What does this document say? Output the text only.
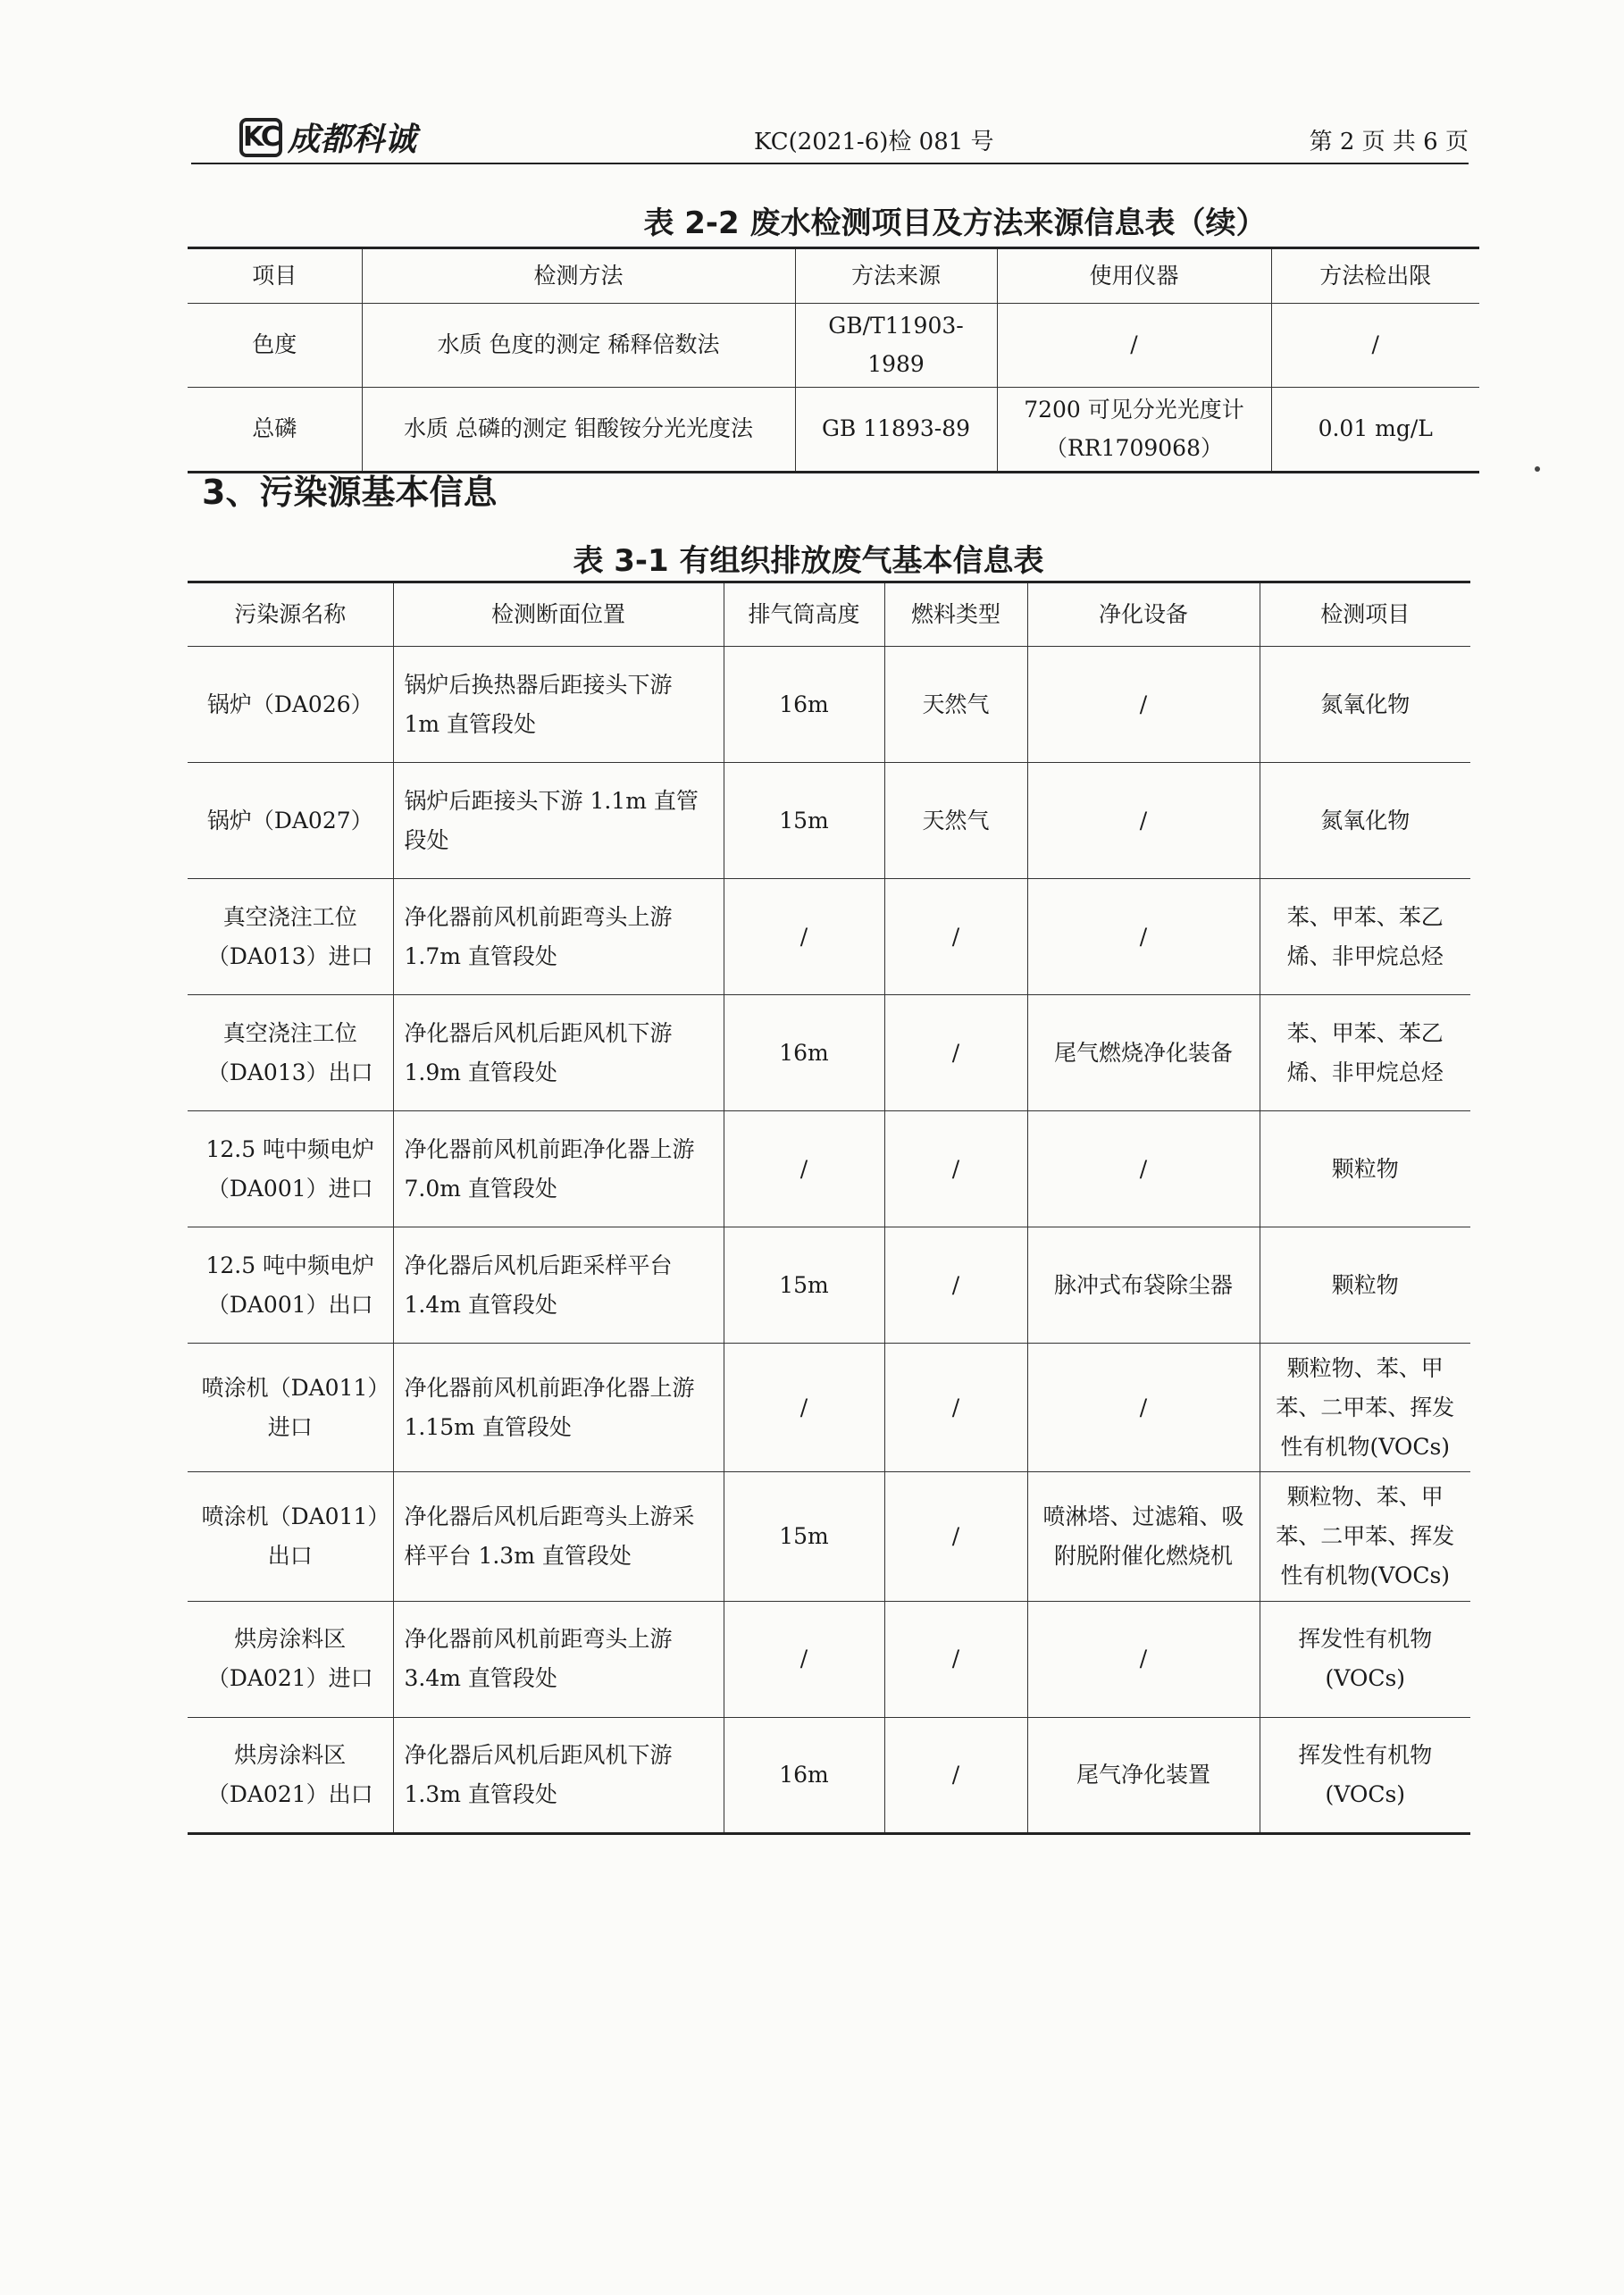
KC 成都科诚	KC(2021-6)检 081 号	第 2 页 共 6 页
表 2-2 废水检测项目及方法来源信息表（续）
项目	检测方法	方法来源	使用仪器	方法检出限
色度	水质 色度的测定 稀释倍数法	GB/T11903-1989	/	/
总磷	水质 总磷的测定 钼酸铵分光光度法	GB 11893-89	7200 可见分光光度计（RR1709068）	0.01 mg/L
3、污染源基本信息
表 3-1 有组织排放废气基本信息表
污染源名称	检测断面位置	排气筒高度	燃料类型	净化设备	检测项目
锅炉（DA026）	锅炉后换热器后距接头下游 1m 直管段处	16m	天然气	/	氮氧化物
锅炉（DA027）	锅炉后距接头下游 1.1m 直管段处	15m	天然气	/	氮氧化物
真空浇注工位（DA013）进口	净化器前风机前距弯头上游 1.7m 直管段处	/	/	/	苯、甲苯、苯乙烯、非甲烷总烃
真空浇注工位（DA013）出口	净化器后风机后距风机下游 1.9m 直管段处	16m	/	尾气燃烧净化装备	苯、甲苯、苯乙烯、非甲烷总烃
12.5 吨中频电炉（DA001）进口	净化器前风机前距净化器上游 7.0m 直管段处	/	/	/	颗粒物
12.5 吨中频电炉（DA001）出口	净化器后风机后距采样平台 1.4m 直管段处	15m	/	脉冲式布袋除尘器	颗粒物
喷涂机（DA011）进口	净化器前风机前距净化器上游 1.15m 直管段处	/	/	/	颗粒物、苯、甲苯、二甲苯、挥发性有机物(VOCs)
喷涂机（DA011）出口	净化器后风机后距弯头上游采样平台 1.3m 直管段处	15m	/	喷淋塔、过滤箱、吸附脱附催化燃烧机	颗粒物、苯、甲苯、二甲苯、挥发性有机物(VOCs)
烘房涂料区（DA021）进口	净化器前风机前距弯头上游 3.4m 直管段处	/	/	/	挥发性有机物(VOCs)
烘房涂料区（DA021）出口	净化器后风机后距风机下游 1.3m 直管段处	16m	/	尾气净化装置	挥发性有机物(VOCs)
